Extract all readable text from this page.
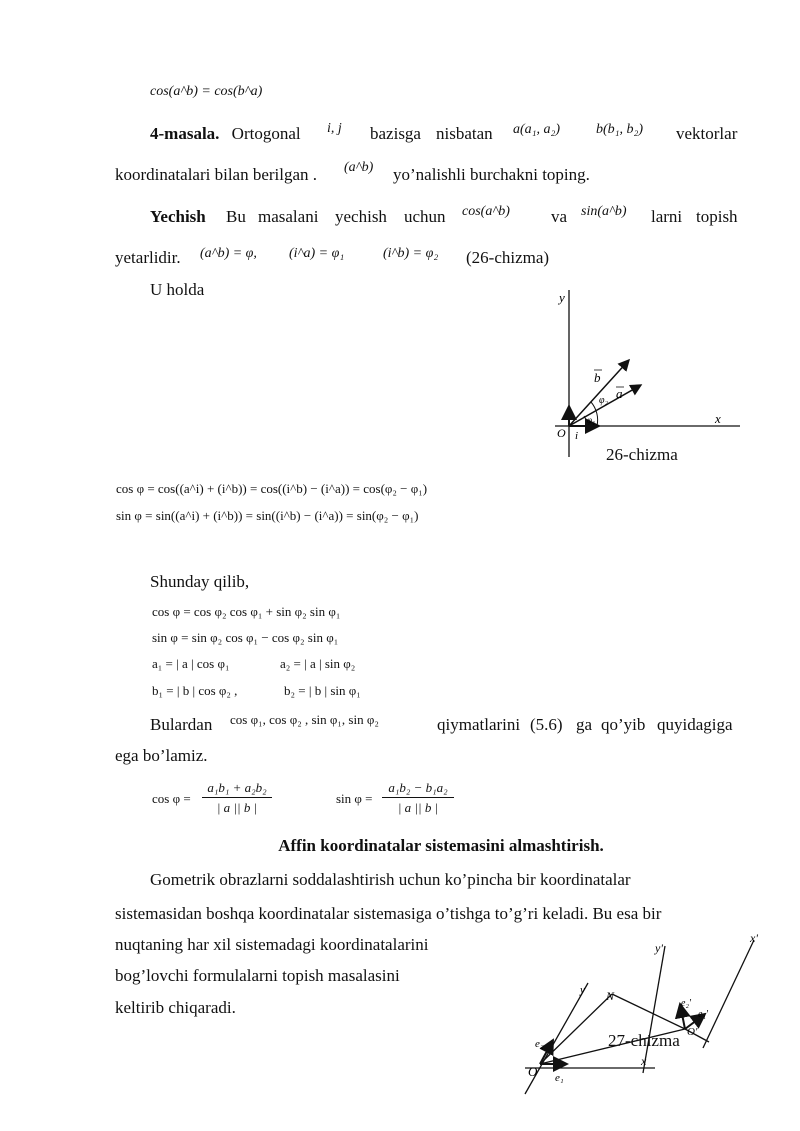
cos(a^b) = cos(b^a)
4-masala. Ortogonal i, j bazisga nisbatan a(a₁, a₂)	b(b₁, b₂) vektorlar
koordinatalari bilan berilgan . (a^b) yo’nalishli burchakni toping.
Yechish Bu masalani yechish uchun cos(a^b) va sin(a^b) larni topish
yetarlidir. (a^b) = φ, (i^a) = φ₁	(i^b) = φ₂ (26-chizma)
U holda	y
x
O
b
a
φ₂
φ₁
i
26-chizma
cos φ = cos((a^i) + (i^b)) = cos((i^b) − (i^a)) = cos(φ₂ − φ₁)
sin φ = sin((a^i) + (i^b)) = sin((i^b) − (i^a)) = sin(φ₂ − φ₁)
Shunday qilib,
cos φ = cos φ₂ cos φ₁ + sin φ₂ sin φ₁
sin φ = sin φ₂ cos φ₁ − cos φ₂ sin φ₁
a₁ = | a | cos φ₁	a₂ = | a | sin φ₂
b₁ = | b | cos φ₂ ,	b₂ = | b | sin φ₁
Bulardan cos φ₁, cos φ₂ , sin φ₁, sin φ₂	qiymatlarini (5.6) ga qo’yib quyidagiga
ega bo’lamiz.
$\cos \varphi = \frac{\text{a₁b₁ + a₂b₂}}{| a || b |}$	$\sin \varphi = \frac{\text{a₁b₂ − b₁a₂}}{| a || b |}$
Affin koordinatalar sistemasini almashtirish.
Gometrik obrazlarni soddalashtirish uchun ko’pincha bir koordinatalar
sistemasidan boshqa koordinatalar sistemasiga o’tishga to’g’ri keladi. Bu esa bir
nuqtaning har xil sistemadagi koordinatalarini
bog’lovchi formulalarni topish masalasini
keltirib chiqaradi.
y'
x'
y
x
N
O
O'
e₁
e₂
e₁'
e₂'
27-chizma
